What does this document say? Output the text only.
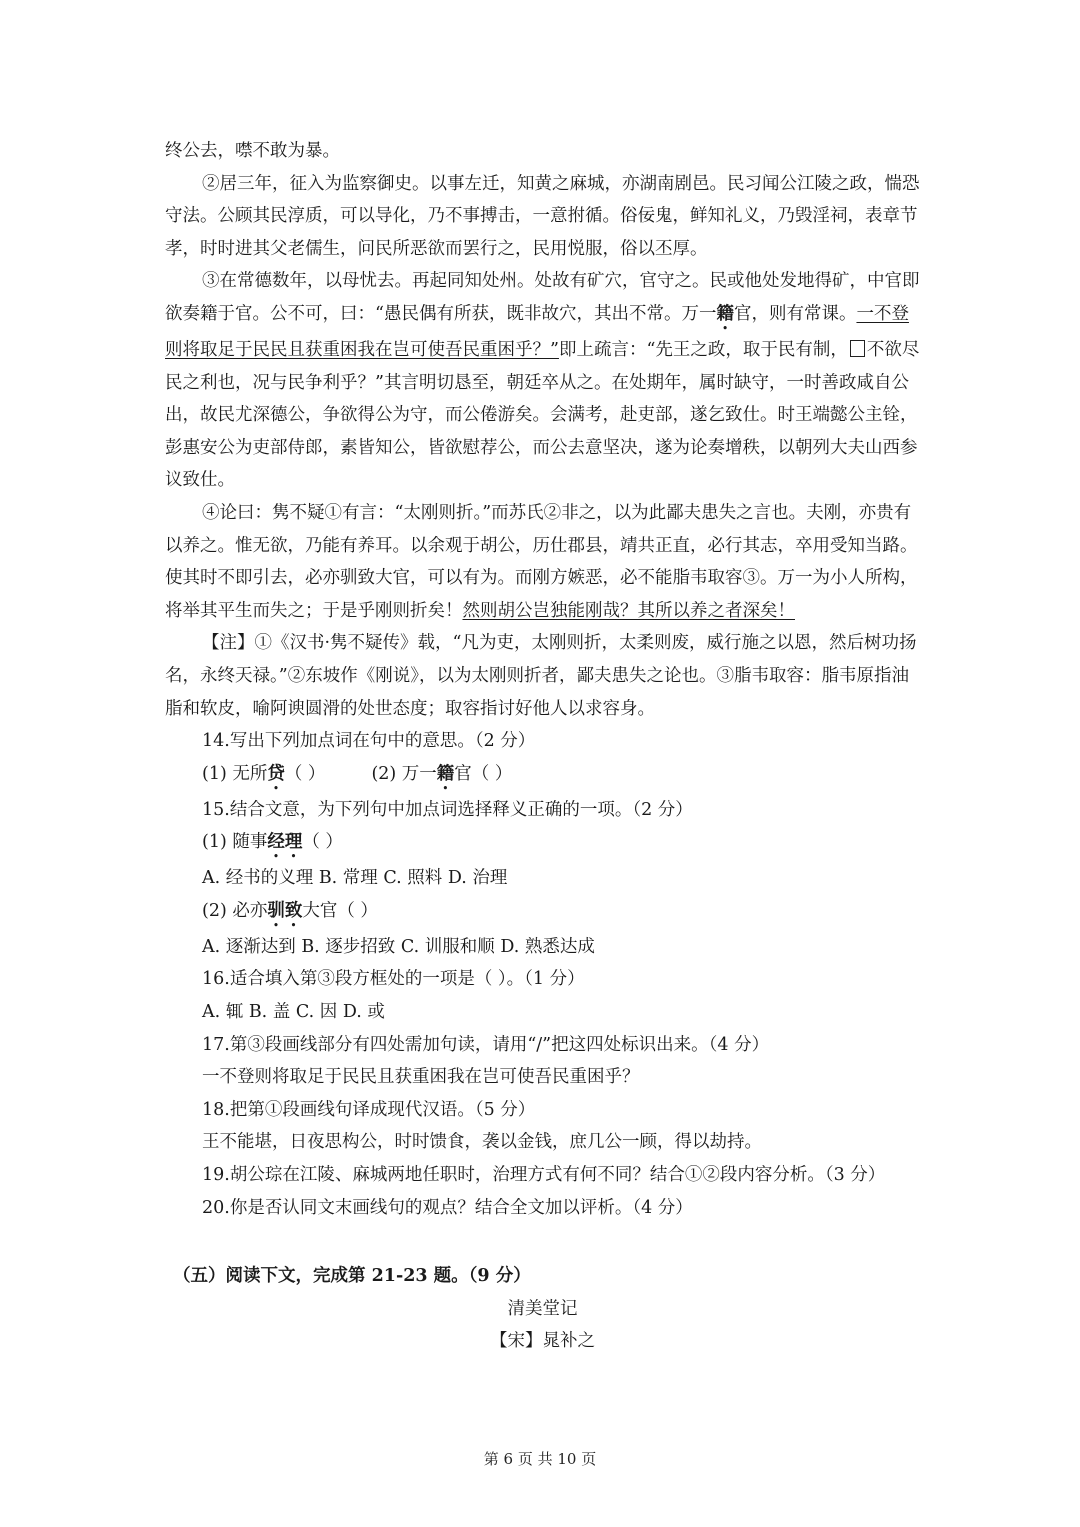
终公去，噤不敢为暴。

②居三年，征入为监察御史。以事左迁，知黄之麻城，亦湖南剧邑。民习闻公江陵之政，惴恐守法。公顾其民淳质，可以导化，乃不事搏击，一意拊循。俗佞鬼，鲜知礼义，乃毁淫祠，表章节孝，时时进其父老儒生，问民所恶欲而罢行之，民用悦服，俗以丕厚。

③在常德数年，以母忧去。再起同知处州。处故有矿穴，官守之。民或他处发地得矿，中官即欲奏籍于官。公不可，曰：“愚民偶有所获，既非故穴，其出不常。万一籍官，则有常课。一不登则将取足于民民且获重困我在岂可使吾民重困乎？”即上疏言：“先王之政，取于民有制， 不欲尽民之利也，况与民争利乎？”其言明切恳至，朝廷卒从之。在处期年，属时缺守，一时善政咸自公出，故民尤深德公，争欲得公为守，而公倦游矣。会满考，赴吏部，遂乞致仕。时王端懿公主铨，彭惠安公为吏部侍郎，素皆知公，皆欲慰荐公，而公去意坚决，遂为论奏增秩，以朝列大夫山西参议致仕。

④论曰：隽不疑①有言：“太刚则折。”而苏氏②非之，以为此鄙夫患失之言也。夫刚，亦贵有以养之。惟无欲，乃能有养耳。以余观于胡公，历仕郡县，靖共正直，必行其志，卒用受知当路。使其时不即引去，必亦驯致大官，可以有为。而刚方嫉恶，必不能脂韦取容③。万一为小人所构，将举其平生而失之；于是乎刚则折矣！然则胡公岂独能刚哉？其所以养之者深矣！

【注】①《汉书·隽不疑传》载，“凡为吏，太刚则折，太柔则废，威行施之以恩，然后树功扬名，永终天禄。”②东坡作《刚说》，以为太刚则折者，鄙夫患失之论也。③脂韦取容：脂韦原指油脂和软皮，喻阿谀圆滑的处世态度；取容指讨好他人以求容身。

14.写出下列加点词在句中的意思。（2 分）

(1) 无所贷（ ）	(2) 万一籍官（ ）

15.结合文意，为下列句中加点词选择释义正确的一项。（2 分）

(1) 随事经理（ ）

A. 经书的义理 B. 常理 C. 照料 D. 治理

(2) 必亦驯致大官（ ）

A. 逐渐达到 B. 逐步招致 C. 训服和顺 D. 熟悉达成

16.适合填入第③段方框处的一项是（ ）。（1 分）

A. 辄 B. 盖 C. 因 D. 或

17.第③段画线部分有四处需加句读，请用“/”把这四处标识出来。（4 分）

一不登则将取足于民民且获重困我在岂可使吾民重困乎？

18.把第①段画线句译成现代汉语。（5 分）

王不能堪，日夜思构公，时时馈食，袭以金钱，庶几公一顾，得以劫持。

19.胡公琮在江陵、麻城两地任职时，治理方式有何不同？结合①②段内容分析。（3 分）

20.你是否认同文末画线句的观点？结合全文加以评析。（4 分）

（五）阅读下文，完成第 21-23 题。（9 分）

清美堂记

【宋】晁补之

第 6 页 共 10 页
